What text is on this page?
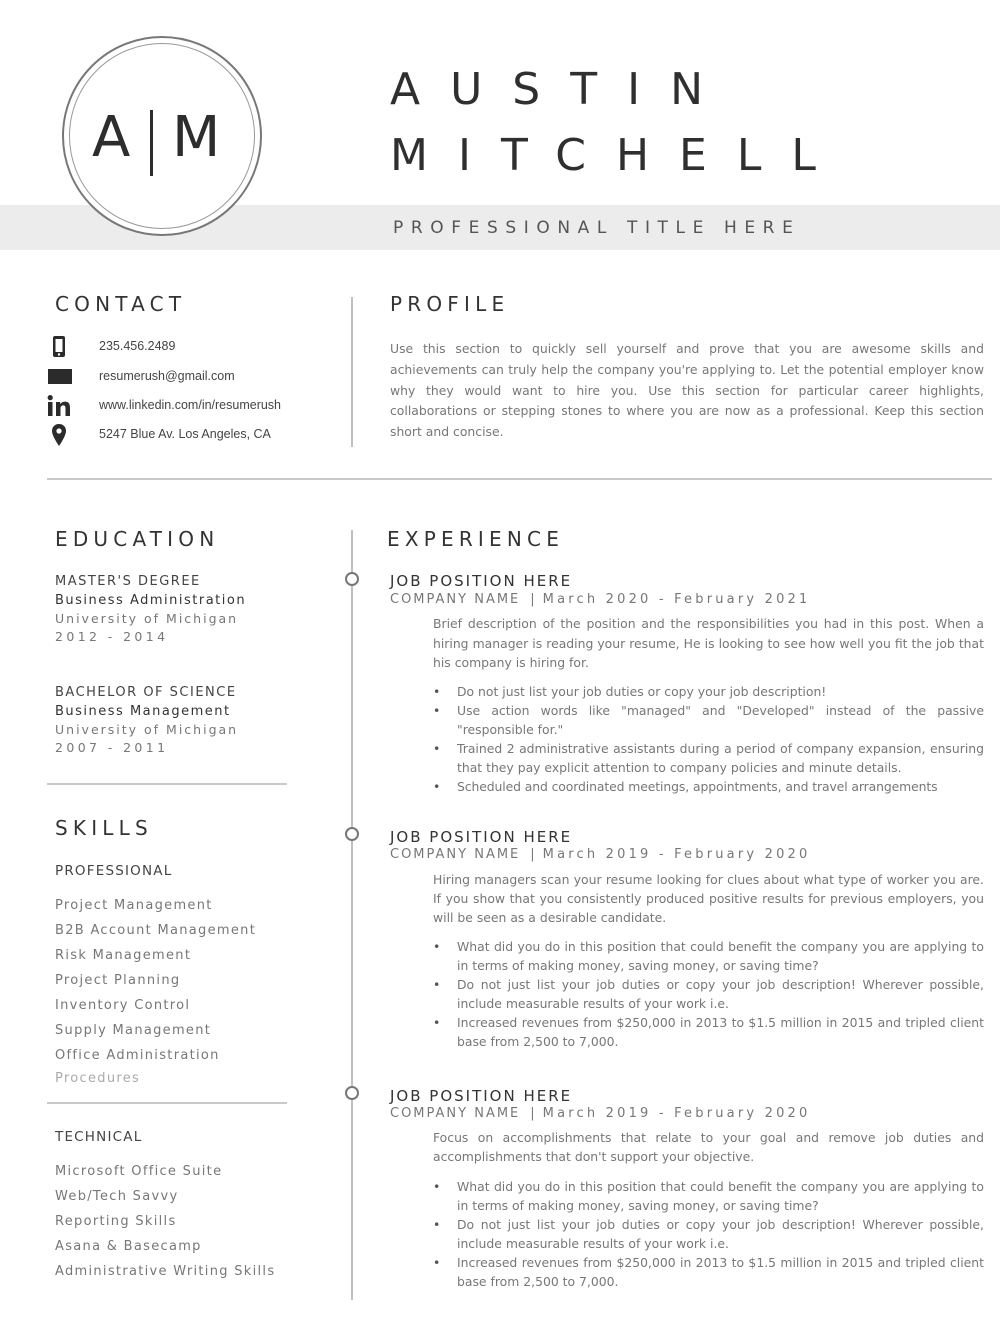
A M
AUSTIN
MITCHELL
PROFESSIONAL TITLE HERE
CONTACT
235.456.2489
resumerush@gmail.com
www.linkedin.com/in/resumerush
5247 Blue Av. Los Angeles, CA
PROFILE
Use this section to quickly sell yourself and prove that you are awesome skills and achievements can truly help the company you're applying to. Let the potential employer know why they would want to hire you. Use this section for particular career highlights, collaborations or stepping stones to where you are now as a professional. Keep this section short and concise.
EDUCATION
MASTER'S DEGREE
Business Administration
University of Michigan
2012 - 2014
BACHELOR OF SCIENCE
Business Management
University of Michigan
2007 - 2011
SKILLS
PROFESSIONAL
Project Management
B2B Account Management
Risk Management
Project Planning
Inventory Control
Supply Management
Office Administration
Procedures
TECHNICAL
Microsoft Office Suite
Web/Tech Savvy
Reporting Skills
Asana & Basecamp
Administrative Writing Skills
EXPERIENCE
JOB POSITION HERE
COMPANY NAME | March 2020 - February 2021
Brief description of the position and the responsibilities you had in this post. When a hiring manager is reading your resume, He is looking to see how well you fit the job that his company is hiring for.
• Do not just list your job duties or copy your job description!
• Use action words like "managed" and "Developed" instead of the passive "responsible for."
• Trained 2 administrative assistants during a period of company expansion, ensuring that they pay explicit attention to company policies and minute details.
• Scheduled and coordinated meetings, appointments, and travel arrangements
JOB POSITION HERE
COMPANY NAME | March 2019 - February 2020
Hiring managers scan your resume looking for clues about what type of worker you are. If you show that you consistently produced positive results for previous employers, you will be seen as a desirable candidate.
• What did you do in this position that could benefit the company you are applying to in terms of making money, saving money, or saving time?
• Do not just list your job duties or copy your job description! Wherever possible, include measurable results of your work i.e.
• Increased revenues from $250,000 in 2013 to $1.5 million in 2015 and tripled client base from 2,500 to 7,000.
JOB POSITION HERE
COMPANY NAME | March 2019 - February 2020
Focus on accomplishments that relate to your goal and remove job duties and accomplishments that don't support your objective.
• What did you do in this position that could benefit the company you are applying to in terms of making money, saving money, or saving time?
• Do not just list your job duties or copy your job description! Wherever possible, include measurable results of your work i.e.
• Increased revenues from $250,000 in 2013 to $1.5 million in 2015 and tripled client base from 2,500 to 7,000.
